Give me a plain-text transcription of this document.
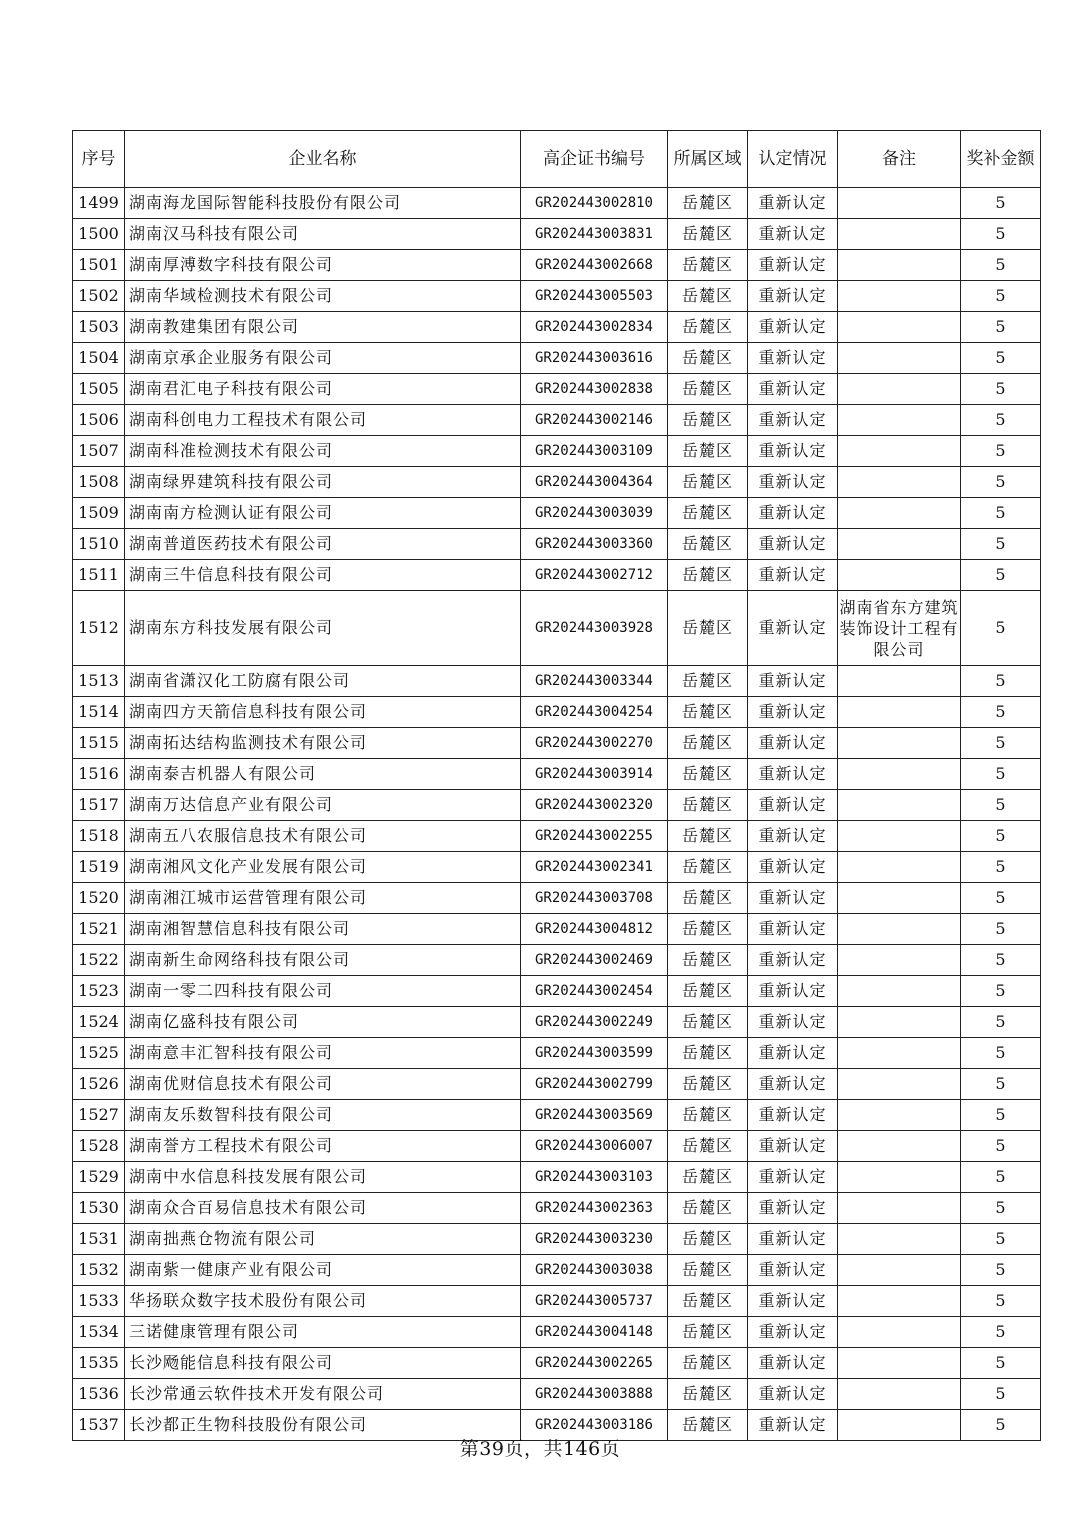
序号	企业名称	高企证书编号	所属区域	认定情况	备注	奖补金额
1499	湖南海龙国际智能科技股份有限公司	GR202443002810	岳麓区	重新认定		5
1500	湖南汉马科技有限公司	GR202443003831	岳麓区	重新认定		5
1501	湖南厚溥数字科技有限公司	GR202443002668	岳麓区	重新认定		5
1502	湖南华域检测技术有限公司	GR202443005503	岳麓区	重新认定		5
1503	湖南教建集团有限公司	GR202443002834	岳麓区	重新认定		5
1504	湖南京承企业服务有限公司	GR202443003616	岳麓区	重新认定		5
1505	湖南君汇电子科技有限公司	GR202443002838	岳麓区	重新认定		5
1506	湖南科创电力工程技术有限公司	GR202443002146	岳麓区	重新认定		5
1507	湖南科准检测技术有限公司	GR202443003109	岳麓区	重新认定		5
1508	湖南绿界建筑科技有限公司	GR202443004364	岳麓区	重新认定		5
1509	湖南南方检测认证有限公司	GR202443003039	岳麓区	重新认定		5
1510	湖南普道医药技术有限公司	GR202443003360	岳麓区	重新认定		5
1511	湖南三牛信息科技有限公司	GR202443002712	岳麓区	重新认定		5
1512	湖南东方科技发展有限公司	GR202443003928	岳麓区	重新认定	湖南省东方建筑装饰设计工程有限公司	5
1513	湖南省潇汉化工防腐有限公司	GR202443003344	岳麓区	重新认定		5
1514	湖南四方天箭信息科技有限公司	GR202443004254	岳麓区	重新认定		5
1515	湖南拓达结构监测技术有限公司	GR202443002270	岳麓区	重新认定		5
1516	湖南泰吉机器人有限公司	GR202443003914	岳麓区	重新认定		5
1517	湖南万达信息产业有限公司	GR202443002320	岳麓区	重新认定		5
1518	湖南五八农服信息技术有限公司	GR202443002255	岳麓区	重新认定		5
1519	湖南湘风文化产业发展有限公司	GR202443002341	岳麓区	重新认定		5
1520	湖南湘江城市运营管理有限公司	GR202443003708	岳麓区	重新认定		5
1521	湖南湘智慧信息科技有限公司	GR202443004812	岳麓区	重新认定		5
1522	湖南新生命网络科技有限公司	GR202443002469	岳麓区	重新认定		5
1523	湖南一零二四科技有限公司	GR202443002454	岳麓区	重新认定		5
1524	湖南亿盛科技有限公司	GR202443002249	岳麓区	重新认定		5
1525	湖南意丰汇智科技有限公司	GR202443003599	岳麓区	重新认定		5
1526	湖南优财信息技术有限公司	GR202443002799	岳麓区	重新认定		5
1527	湖南友乐数智科技有限公司	GR202443003569	岳麓区	重新认定		5
1528	湖南誉方工程技术有限公司	GR202443006007	岳麓区	重新认定		5
1529	湖南中水信息科技发展有限公司	GR202443003103	岳麓区	重新认定		5
1530	湖南众合百易信息技术有限公司	GR202443002363	岳麓区	重新认定		5
1531	湖南拙燕仓物流有限公司	GR202443003230	岳麓区	重新认定		5
1532	湖南紫一健康产业有限公司	GR202443003038	岳麓区	重新认定		5
1533	华扬联众数字技术股份有限公司	GR202443005737	岳麓区	重新认定		5
1534	三诺健康管理有限公司	GR202443004148	岳麓区	重新认定		5
1535	长沙飏能信息科技有限公司	GR202443002265	岳麓区	重新认定		5
1536	长沙常通云软件技术开发有限公司	GR202443003888	岳麓区	重新认定		5
1537	长沙都正生物科技股份有限公司	GR202443003186	岳麓区	重新认定		5
第39页，共146页
